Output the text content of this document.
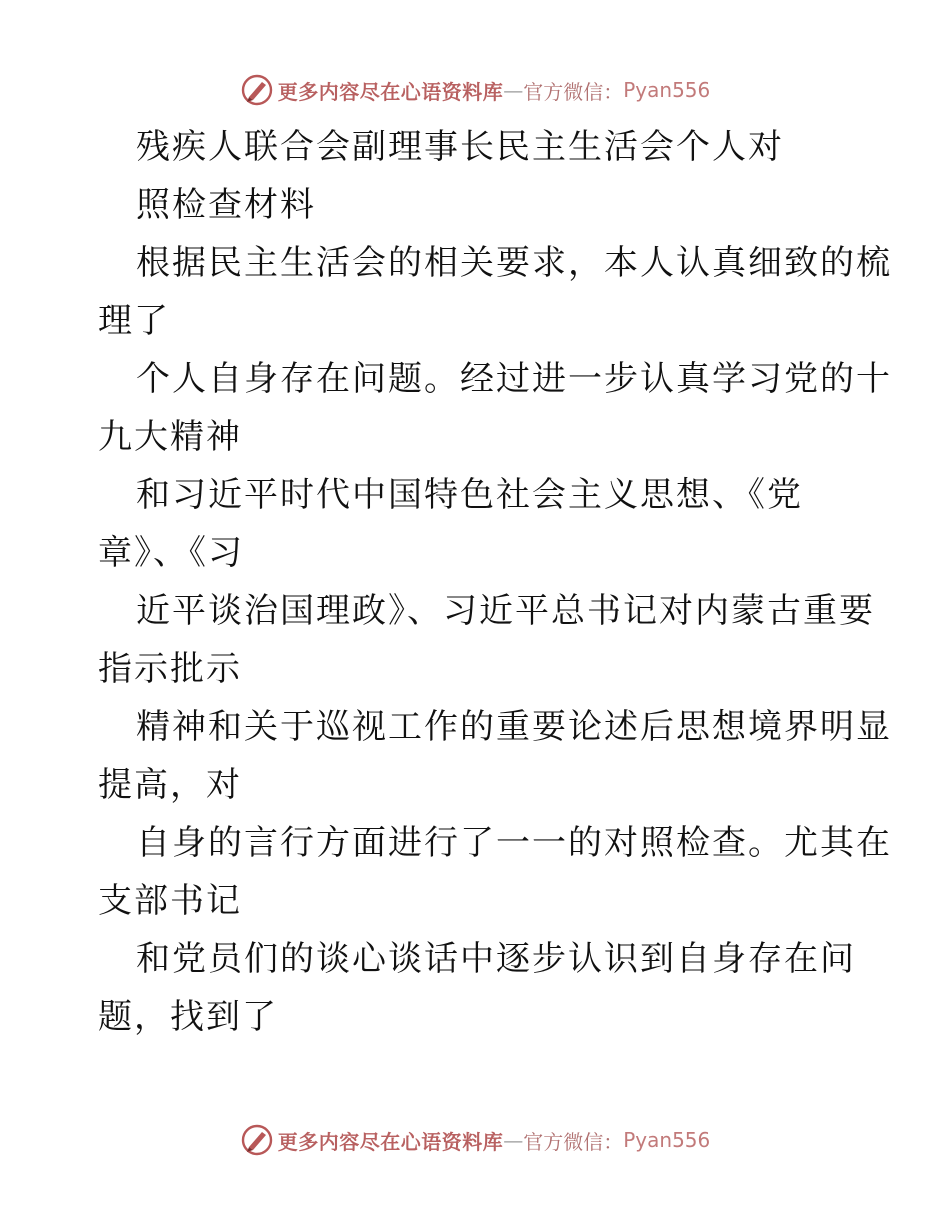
更多内容尽在心语资料库 — 官方微信： Pyan556
残疾人联合会副理事长民主生活会个人对
照检查材料
根据民主生活会的相关要求，本人认真细致的梳
理了
个人自身存在问题。经过进一步认真学习党的十
九大精神
和习近平时代中国特色社会主义思想、《党
章》、《习
近平谈治国理政》、习近平总书记对内蒙古重要
指示批示
精神和关于巡视工作的重要论述后思想境界明显
提高，对
自身的言行方面进行了一一的对照检查。尤其在
支部书记
和党员们的谈心谈话中逐步认识到自身存在问
题，找到了
更多内容尽在心语资料库 — 官方微信： Pyan556
